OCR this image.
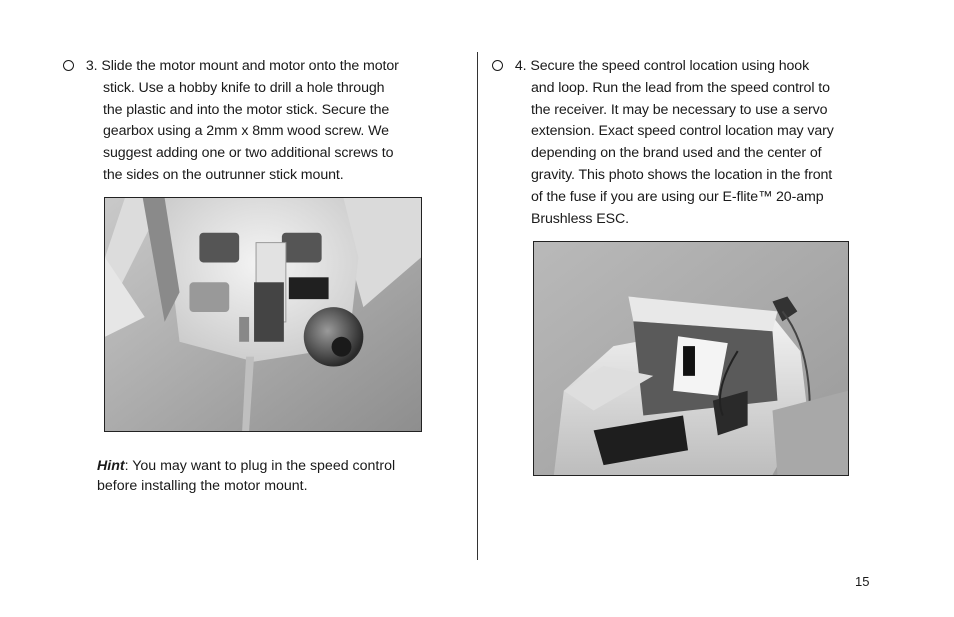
3. Slide the motor mount and motor onto the motor
stick. Use a hobby knife to drill a hole through
the plastic and into the motor stick. Secure the
gearbox using a 2mm x 8mm wood screw. We
suggest adding one or two additional screws to
the sides on the outrunner stick mount.
Hint: You may want to plug in the speed control
before installing the motor mount.
4. Secure the speed control location using hook
and loop. Run the lead from the speed control to
the receiver. It may be necessary to use a servo
extension. Exact speed control location may vary
depending on the brand used and the center of
gravity. This photo shows the location in the front
of the fuse if you are using our E-flite™ 20-amp
Brushless ESC.
15
